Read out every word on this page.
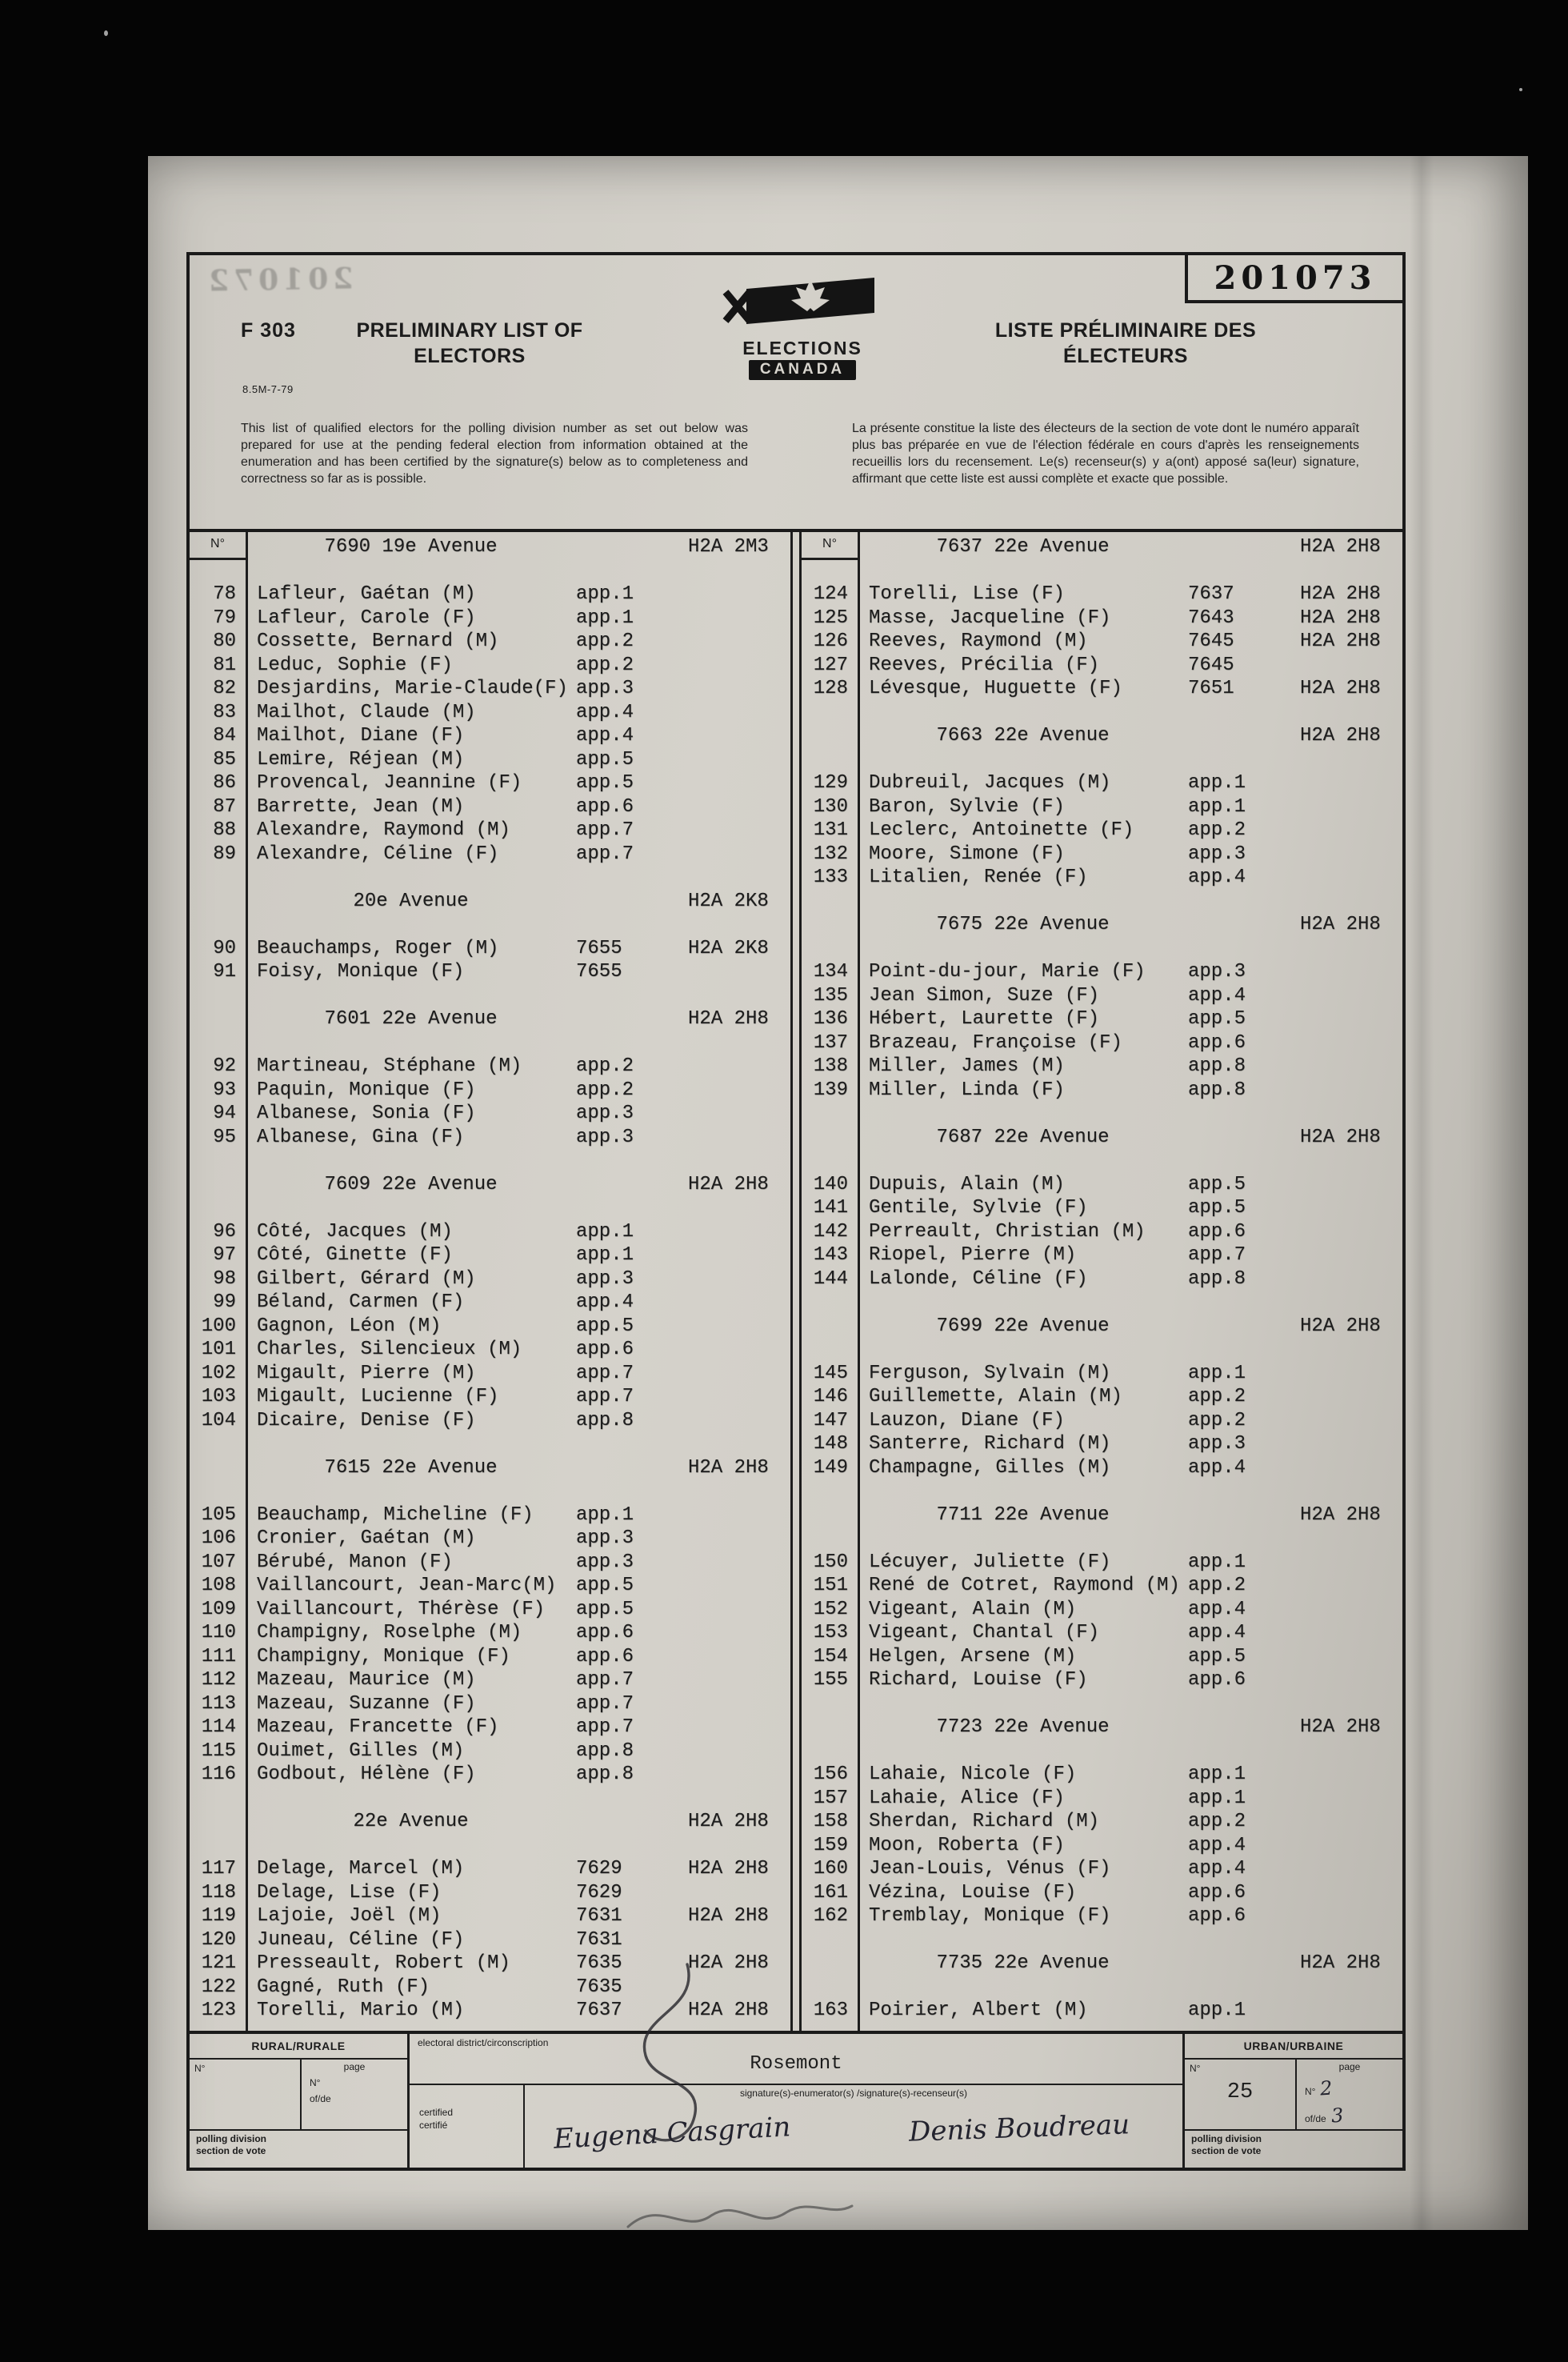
201072	201073
F 303
8.5M-7-79
PRELIMINARY LIST OF
ELECTORS	ELECTIONS
CANADA
LISTE PRÉLIMINAIRE DES
ÉLECTEURS
This list of qualified electors for the polling division number as set out below was prepared for use at the pending federal election from information obtained at the enumeration and has been certified by the signature(s) below as to completeness and correctness so far as is possible.
La présente constitue la liste des électeurs de la section de vote dont le numéro apparaît plus bas préparée en vue de l'élection fédérale en cours d'après les renseignements recueillis lors du recensement. Le(s) recenseur(s) y a(ont) apposé sa(leur) signature, affirmant que cette liste est aussi complète et exacte que possible.
N°	7690 19e Avenue	H2A 2M3
78	Lafleur, Gaétan (M)	app.1
79	Lafleur, Carole (F)	app.1
80	Cossette, Bernard (M)	app.2
81	Leduc, Sophie (F)	app.2
82	Desjardins, Marie-Claude(F) app.3
83	Mailhot, Claude (M)	app.4
84	Mailhot, Diane (F)	app.4
85	Lemire, Réjean (M)	app.5
86	Provencal, Jeannine (F)	app.5
87	Barrette, Jean (M)	app.6
88	Alexandre, Raymond (M)	app.7
89	Alexandre, Céline (F)	app.7
20e Avenue	H2A 2K8
90	Beauchamps, Roger (M)	7655	H2A 2K8
91	Foisy, Monique (F)	7655
7601 22e Avenue	H2A 2H8
92	Martineau, Stéphane (M)	app.2
93	Paquin, Monique (F)	app.2
94	Albanese, Sonia (F)	app.3
95	Albanese, Gina (F)	app.3
7609 22e Avenue	H2A 2H8
96	Côté, Jacques (M)	app.1
97	Côté, Ginette (F)	app.1
98	Gilbert, Gérard (M)	app.3
99	Béland, Carmen (F)	app.4
100	Gagnon, Léon (M)	app.5
101	Charles, Silencieux (M)	app.6
102	Migault, Pierre (M)	app.7
103	Migault, Lucienne (F)	app.7
104	Dicaire, Denise (F)	app.8
7615 22e Avenue	H2A 2H8
105	Beauchamp, Micheline (F)	app.1
106	Cronier, Gaétan (M)	app.3
107	Bérubé, Manon (F)	app.3
108	Vaillancourt, Jean-Marc(M)	app.5
109	Vaillancourt, Thérèse (F)	app.5
110	Champigny, Roselphe (M)	app.6
111	Champigny, Monique (F)	app.6
112	Mazeau, Maurice (M)	app.7
113	Mazeau, Suzanne (F)	app.7
114	Mazeau, Francette (F)	app.7
115	Ouimet, Gilles (M)	app.8
116	Godbout, Hélène (F)	app.8
22e Avenue	H2A 2H8
117	Delage, Marcel (M)	7629	H2A 2H8
118	Delage, Lise (F)	7629
119	Lajoie, Joël (M)	7631	H2A 2H8
120	Juneau, Céline (F)	7631
121	Presseault, Robert (M)	7635	H2A 2H8
122	Gagné, Ruth (F)	7635
123	Torelli, Mario (M)	7637	H2A 2H8
N°	7637 22e Avenue	H2A 2H8
124	Torelli, Lise (F)	7637	H2A 2H8
125	Masse, Jacqueline (F)	7643	H2A 2H8
126	Reeves, Raymond (M)	7645	H2A 2H8
127	Reeves, Précilia (F)	7645
128	Lévesque, Huguette (F)	7651	H2A 2H8
7663 22e Avenue	H2A 2H8
129	Dubreuil, Jacques (M)	app.1
130	Baron, Sylvie (F)	app.1
131	Leclerc, Antoinette (F)	app.2
132	Moore, Simone (F)	app.3
133	Litalien, Renée (F)	app.4
7675 22e Avenue	H2A 2H8
134	Point-du-jour, Marie (F)	app.3
135	Jean Simon, Suze (F)	app.4
136	Hébert, Laurette (F)	app.5
137	Brazeau, Françoise (F)	app.6
138	Miller, James (M)	app.8
139	Miller, Linda (F)	app.8
7687 22e Avenue	H2A 2H8
140	Dupuis, Alain (M)	app.5
141	Gentile, Sylvie (F)	app.5
142	Perreault, Christian (M)	app.6
143	Riopel, Pierre (M)	app.7
144	Lalonde, Céline (F)	app.8
7699 22e Avenue	H2A 2H8
145	Ferguson, Sylvain (M)	app.1
146	Guillemette, Alain (M)	app.2
147	Lauzon, Diane (F)	app.2
148	Santerre, Richard (M)	app.3
149	Champagne, Gilles (M)	app.4
7711 22e Avenue	H2A 2H8
150	Lécuyer, Juliette (F)	app.1
151	René de Cotret, Raymond (M) app.2
152	Vigeant, Alain (M)	app.4
153	Vigeant, Chantal (F)	app.4
154	Helgen, Arsene (M)	app.5
155	Richard, Louise (F)	app.6
7723 22e Avenue	H2A 2H8
156	Lahaie, Nicole (F)	app.1
157	Lahaie, Alice (F)	app.1
158	Sherdan, Richard (M)	app.2
159	Moon, Roberta (F)	app.4
160	Jean-Louis, Vénus (F)	app.4
161	Vézina, Louise (F)	app.6
162	Tremblay, Monique (F)	app.6
7735 22e Avenue	H2A 2H8
163	Poirier, Albert (M)	app.1
RURAL/RURALE
N°	page
N°
of/de
polling division
section de vote
electoral district/circonscription
Rosemont
certified
certifié
signature(s)-enumerator(s) /signature(s)-recenseur(s)
Eugena Casgrain	Denis Boudreau
URBAN/URBAINE
N°
25
page
N° 2
of/de 3
polling division
section de vote
